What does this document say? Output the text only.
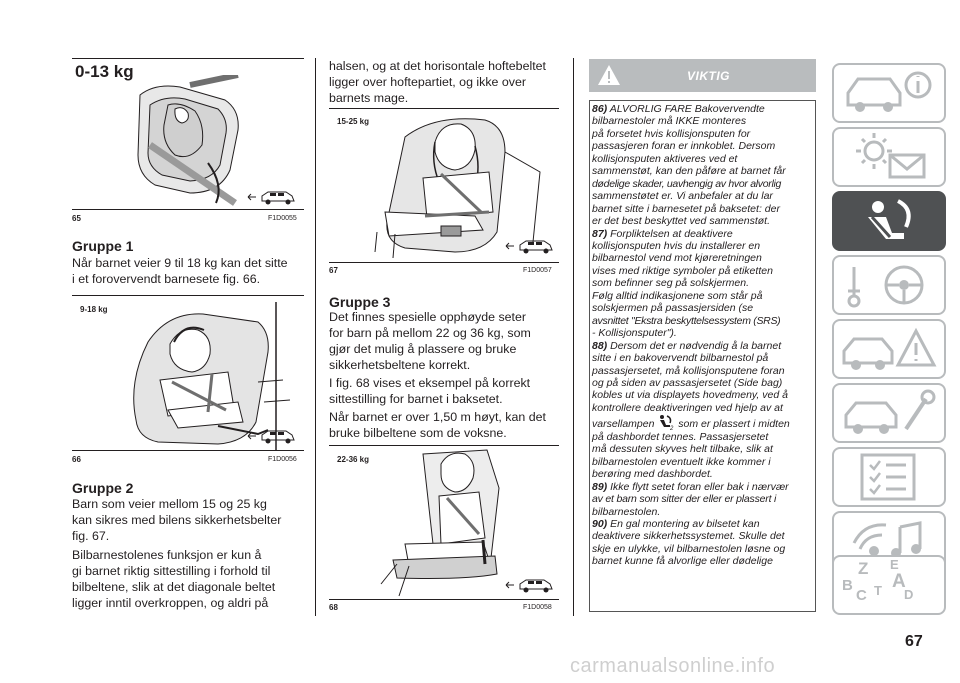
0-13 kg
65	F1D0055
Gruppe 1
Når barnet veier 9 til 18 kg kan det sitte
i et forovervendt barnesete fig. 66.
9-18 kg
66	F1D0056
Gruppe 2
Barn som veier mellom 15 og 25 kg
kan sikres med bilens sikkerhetsbelter
fig. 67.
Bilbarnestolenes funksjon er kun å
gi barnet riktig sittestilling i forhold til
bilbeltene, slik at det diagonale beltet
ligger inntil overkroppen, og aldri på
halsen, og at det horisontale hoftebeltet
ligger over hoftepartiet, og ikke over
barnets mage.
15-25 kg
67	F1D0057
Gruppe 3
Det finnes spesielle opphøyde seter
for barn på mellom 22 og 36 kg, som
gjør det mulig å plassere og bruke
sikkerhetsbeltene korrekt.
I fig. 68 vises et eksempel på korrekt
sittestilling for barnet i baksetet.
Når barnet er over 1,50 m høyt, kan det
bruke bilbeltene som de voksne.
22-36 kg
68	F1D0058
VIKTIG
86) ALVORLIG FARE Bakovervendte
bilbarnestoler må IKKE monteres
på forsetet hvis kollisjonsputen for
passasjeren foran er innkoblet. Dersom
kollisjonsputen aktiveres ved et
sammenstøt, kan den påføre at barnet får
dødelige skader, uavhengig av hvor alvorlig
sammenstøtet er. Vi anbefaler at du lar
barnet sitte i barnesetet på baksetet: der
er det best beskyttet ved sammenstøt.
87) Forpliktelsen at deaktivere
kollisjonsputen hvis du installerer en
bilbarnestol vend mot kjøreretningen
vises med riktige symboler på etiketten
som befinner seg på solskjermen.
Følg alltid indikasjonene som står på
solskjermen på passasjersiden (se
avsnittet "Ekstra beskyttelsessystem (SRS)
- Kollisjonsputer").
88) Dersom det er nødvendig å la barnet
sitte i en bakovervendt bilbarnestol på
passasjersetet, må kollisjonsputene foran
og på siden av passasjersetet (Side bag)
kobles ut via displayets hovedmeny, ved å
kontrollere deaktiveringen ved hjelp av at
varsellampen	2 som er plassert i midten
på dashbordet tennes. Passasjersetet
må dessuten skyves helt tilbake, slik at
bilbarnestolen eventuelt ikke kommer i
berøring med dashbordet.
89) Ikke flytt setet foran eller bak i nærvær
av et barn som sitter der eller er plassert i
bilbarnestolen.
90) En gal montering av bilsetet kan
deaktivere sikkerhetssystemet. Skulle det
skje en ulykke, vil bilbarnestolen løsne og
barnet kunne få alvorlige eller dødelige	Z E
B A
C T D
67
carmanualsonline.info
